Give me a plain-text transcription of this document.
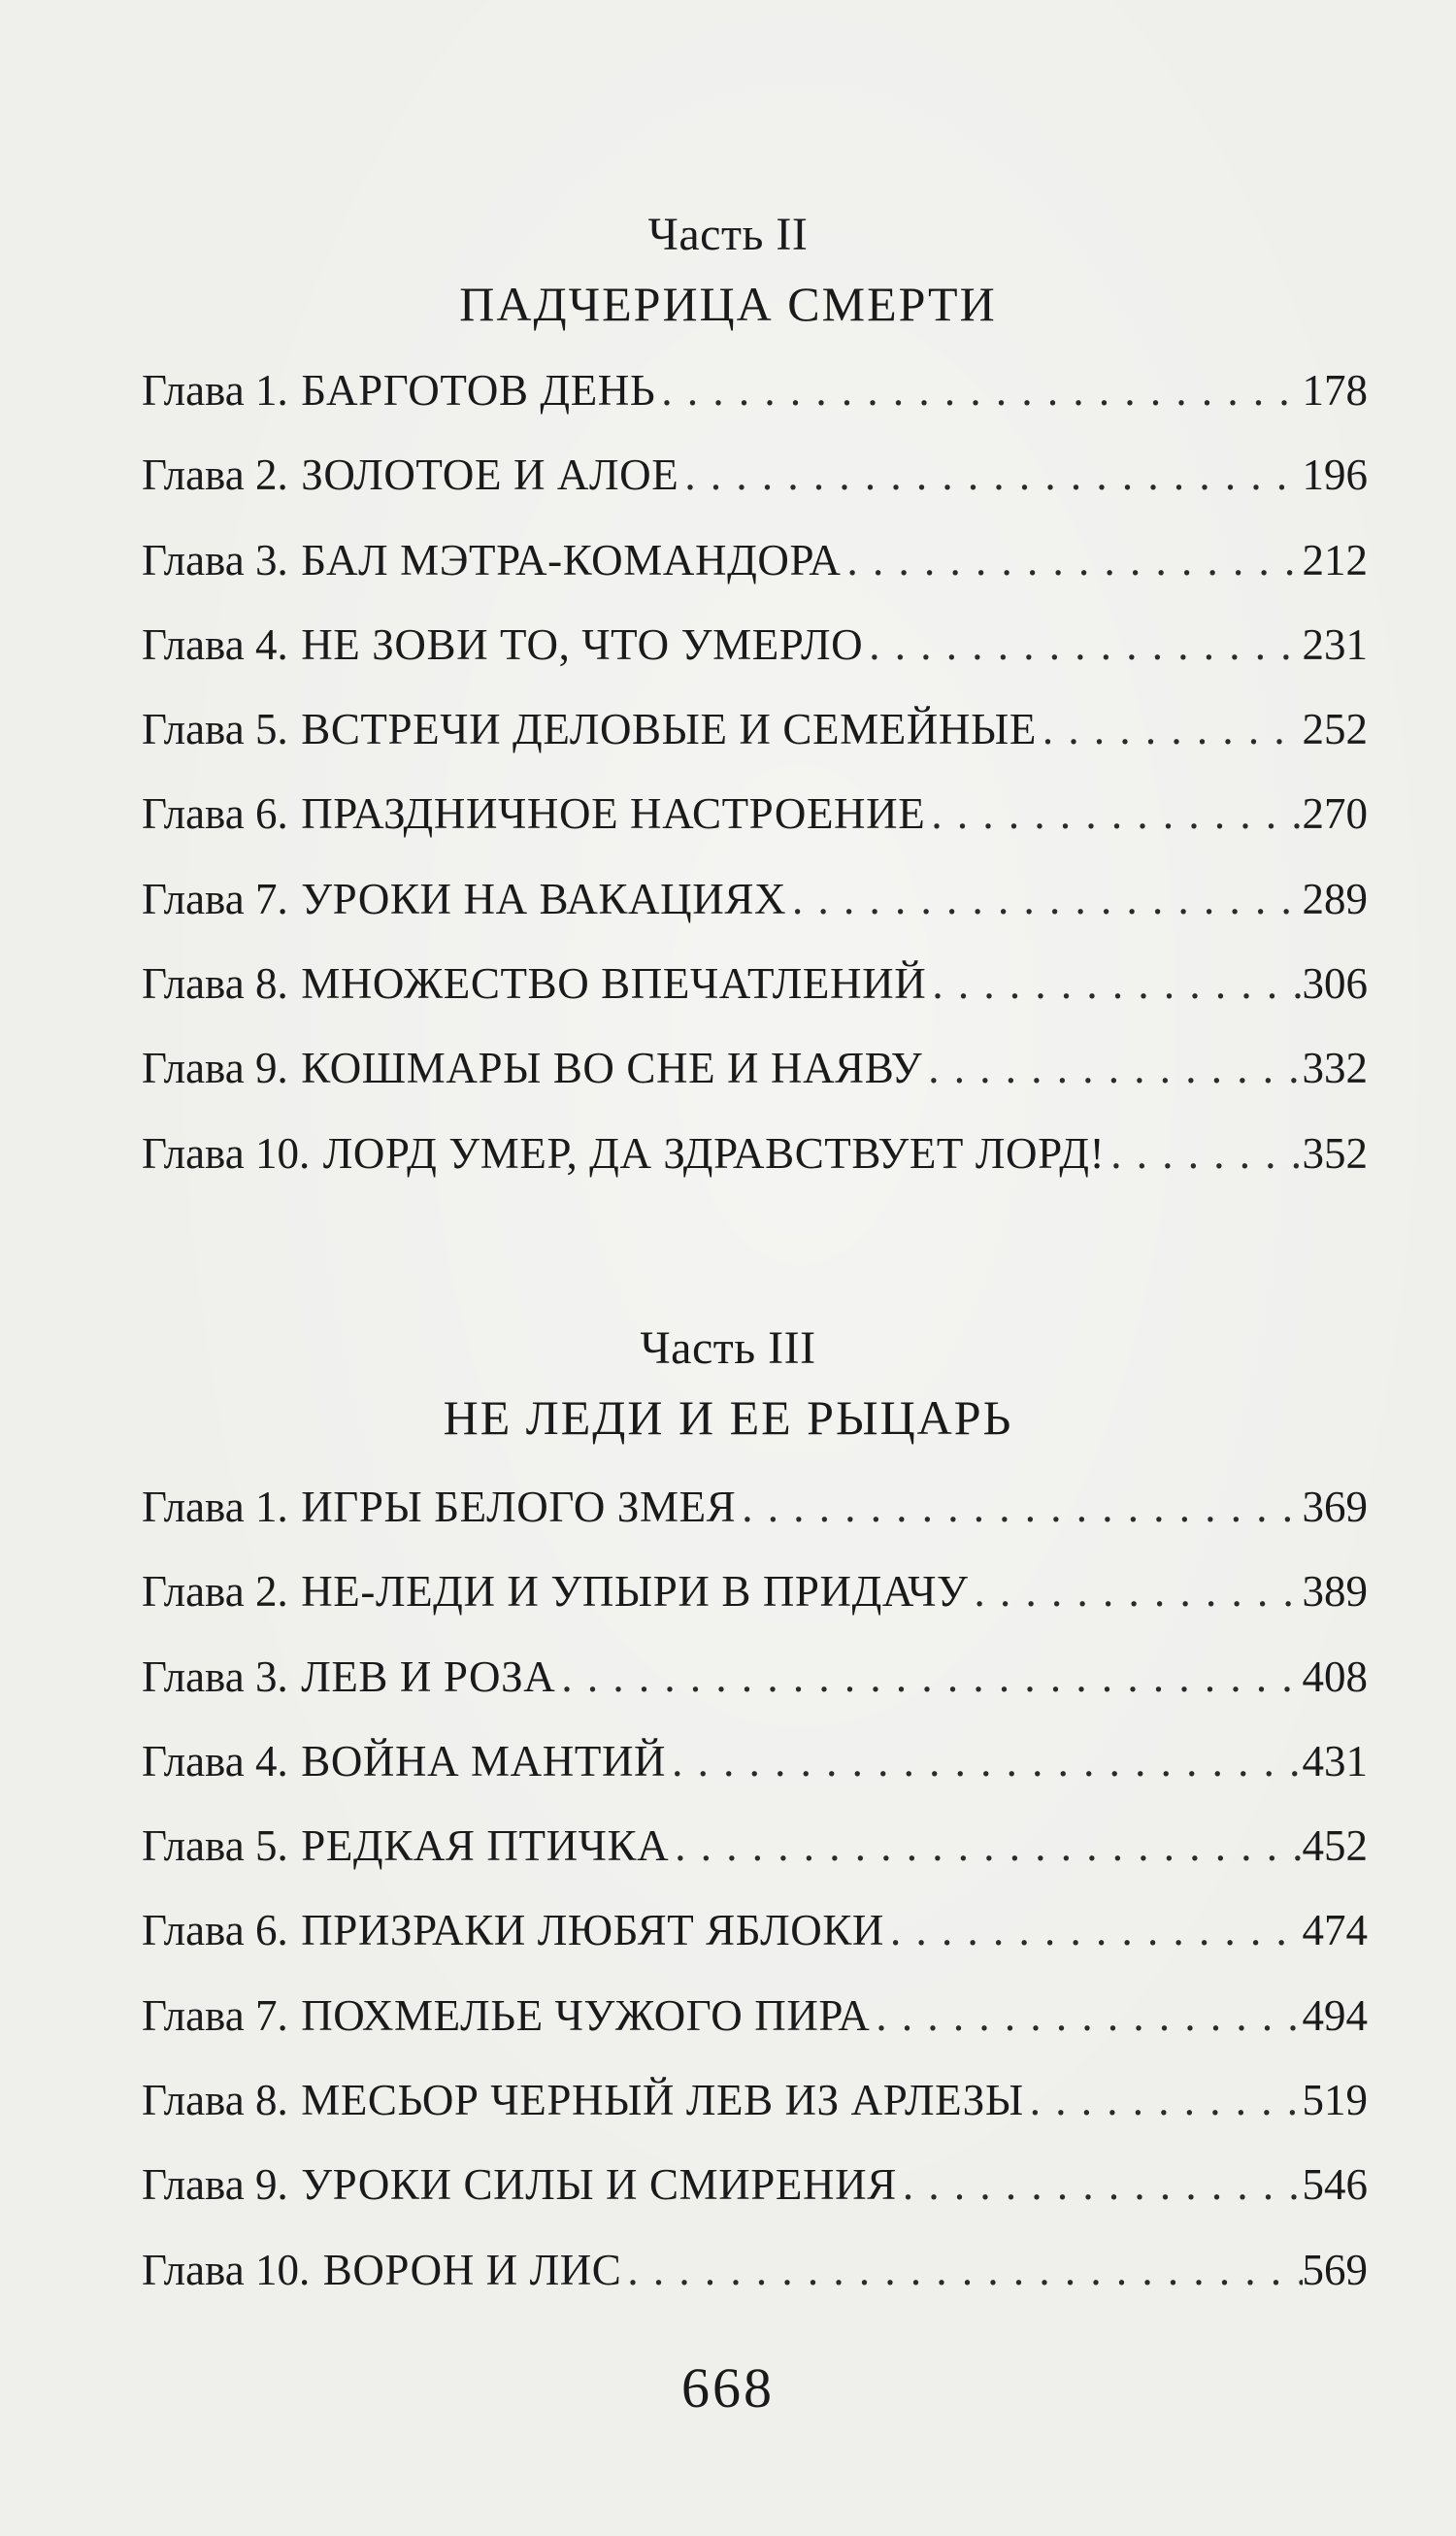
Часть II
ПАДЧЕРИЦА СМЕРТИ
Глава 1. БАРГОТОВ ДЕНЬ . . .	178
Глава 2. ЗОЛОТОЕ И АЛОЕ . . .	196
Глава 3. БАЛ МЭТРА-КОМАНДОРА . . .	212
Глава 4. НЕ ЗОВИ ТО, ЧТО УМЕРЛО . . .	231
Глава 5. ВСТРЕЧИ ДЕЛОВЫЕ И СЕМЕЙНЫЕ . . .	252
Глава 6. ПРАЗДНИЧНОЕ НАСТРОЕНИЕ . . .	270
Глава 7. УРОКИ НА ВАКАЦИЯХ . . .	289
Глава 8. МНОЖЕСТВО ВПЕЧАТЛЕНИЙ . . .	306
Глава 9. КОШМАРЫ ВО СНЕ И НАЯВУ . . .	332
Глава 10. ЛОРД УМЕР, ДА ЗДРАВСТВУЕТ ЛОРД! . . .	352
Часть III
НЕ ЛЕДИ И ЕЕ РЫЦАРЬ
Глава 1. ИГРЫ БЕЛОГО ЗМЕЯ . . .	369
Глава 2. НЕ-ЛЕДИ И УПЫРИ В ПРИДАЧУ . . .	389
Глава 3. ЛЕВ И РОЗА . . .	408
Глава 4. ВОЙНА МАНТИЙ . . .	431
Глава 5. РЕДКАЯ ПТИЧКА . . .	452
Глава 6. ПРИЗРАКИ ЛЮБЯТ ЯБЛОКИ . . .	474
Глава 7. ПОХМЕЛЬЕ ЧУЖОГО ПИРА . . .	494
Глава 8. МЕСЬОР ЧЕРНЫЙ ЛЕВ ИЗ АРЛЕЗЫ . . .	519
Глава 9. УРОКИ СИЛЫ И СМИРЕНИЯ . . .	546
Глава 10. ВОРОН И ЛИС . . .	569
668
